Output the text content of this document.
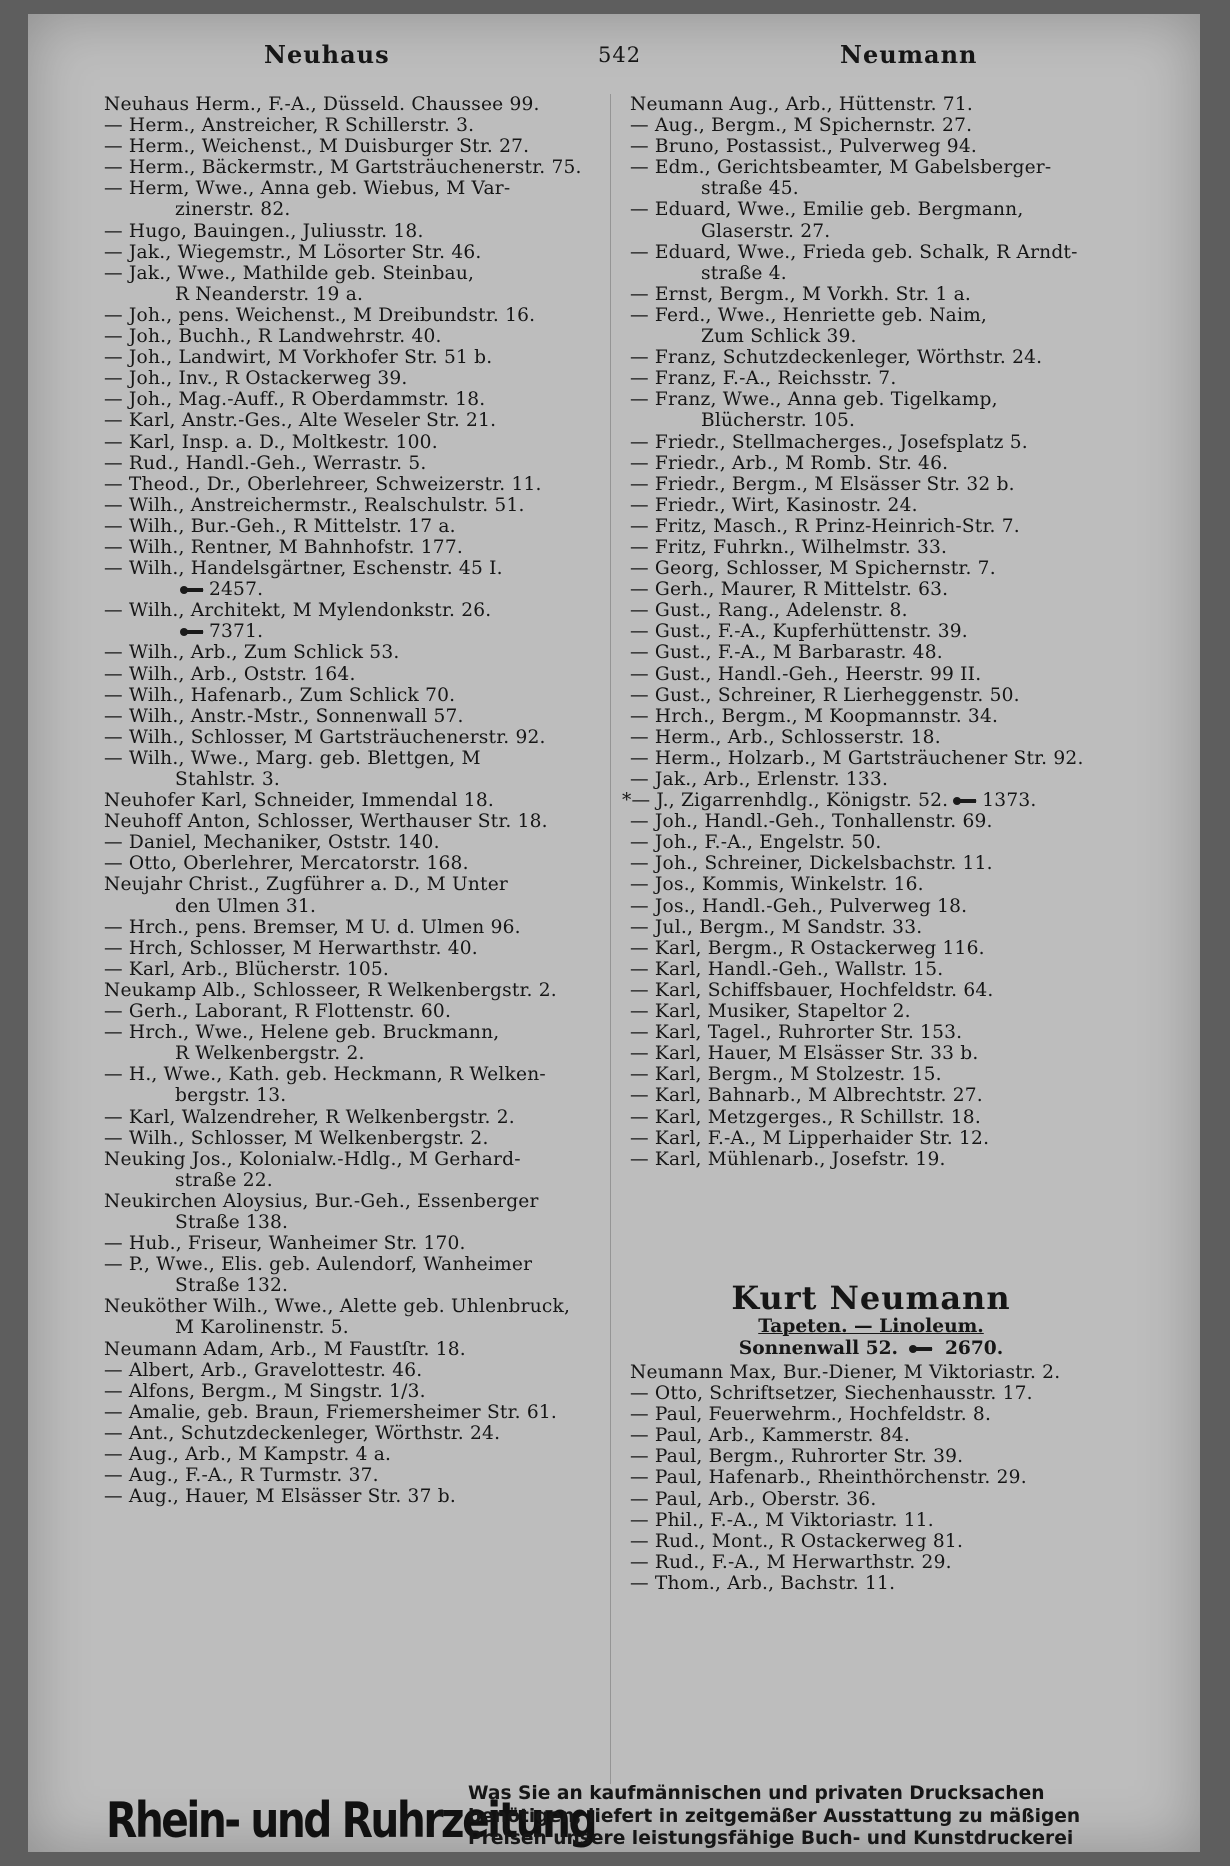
Neuhaus	542	Neumann
Neuhaus Herm., F.-A., Düsseld. Chaussee 99.
— Herm., Anstreicher, R Schillerstr. 3.
— Herm., Weichenst., M Duisburger Str. 27.
— Herm., Bäckermstr., M Gartsträuchenerstr. 75.
— Herm, Wwe., Anna geb. Wiebus, M Var-
zinerstr. 82.
— Hugo, Bauingen., Juliusstr. 18.
— Jak., Wiegemstr., M Lösorter Str. 46.
— Jak., Wwe., Mathilde geb. Steinbau,
R Neanderstr. 19 a.
— Joh., pens. Weichenst., M Dreibundstr. 16.
— Joh., Buchh., R Landwehrstr. 40.
— Joh., Landwirt, M Vorkhofer Str. 51 b.
— Joh., Inv., R Ostackerweg 39.
— Joh., Mag.-Auff., R Oberdammstr. 18.
— Karl, Anstr.-Ges., Alte Weseler Str. 21.
— Karl, Insp. a. D., Moltkestr. 100.
— Rud., Handl.-Geh., Werrastr. 5.
— Theod., Dr., Oberlehreer, Schweizerstr. 11.
— Wilh., Anstreichermstr., Realschulstr. 51.
— Wilh., Bur.-Geh., R Mittelstr. 17 a.
— Wilh., Rentner, M Bahnhofstr. 177.
— Wilh., Handelsgärtner, Eschenstr. 45 I.
2457.
— Wilh., Architekt, M Mylendonkstr. 26.
7371.
— Wilh., Arb., Zum Schlick 53.
— Wilh., Arb., Oststr. 164.
— Wilh., Hafenarb., Zum Schlick 70.
— Wilh., Anstr.-Mstr., Sonnenwall 57.
— Wilh., Schlosser, M Gartsträuchenerstr. 92.
— Wilh., Wwe., Marg. geb. Blettgen, M
Stahlstr. 3.
Neuhofer Karl, Schneider, Immendal 18.
Neuhoff Anton, Schlosser, Werthauser Str. 18.
— Daniel, Mechaniker, Oststr. 140.
— Otto, Oberlehrer, Mercatorstr. 168.
Neujahr Christ., Zugführer a. D., M Unter
den Ulmen 31.
— Hrch., pens. Bremser, M U. d. Ulmen 96.
— Hrch, Schlosser, M Herwarthstr. 40.
— Karl, Arb., Blücherstr. 105.
Neukamp Alb., Schlosseer, R Welkenbergstr. 2.
— Gerh., Laborant, R Flottenstr. 60.
— Hrch., Wwe., Helene geb. Bruckmann,
R Welkenbergstr. 2.
— H., Wwe., Kath. geb. Heckmann, R Welken-
bergstr. 13.
— Karl, Walzendreher, R Welkenbergstr. 2.
— Wilh., Schlosser, M Welkenbergstr. 2.
Neuking Jos., Kolonialw.-Hdlg., M Gerhard-
straße 22.
Neukirchen Aloysius, Bur.-Geh., Essenberger
Straße 138.
— Hub., Friseur, Wanheimer Str. 170.
— P., Wwe., Elis. geb. Aulendorf, Wanheimer
Straße 132.
Neuköther Wilh., Wwe., Alette geb. Uhlenbruck,
M Karolinenstr. 5.
Neumann Adam, Arb., M Faustſtr. 18.
— Albert, Arb., Gravelottestr. 46.
— Alfons, Bergm., M Singstr. 1/3.
— Amalie, geb. Braun, Friemersheimer Str. 61.
— Ant., Schutzdeckenleger, Wörthstr. 24.
— Aug., Arb., M Kampstr. 4 a.
— Aug., F.-A., R Turmstr. 37.
— Aug., Hauer, M Elsässer Str. 37 b.
Neumann Aug., Arb., Hüttenstr. 71.
— Aug., Bergm., M Spichernstr. 27.
— Bruno, Postassist., Pulverweg 94.
— Edm., Gerichtsbeamter, M Gabelsberger-
straße 45.
— Eduard, Wwe., Emilie geb. Bergmann,
Glaserstr. 27.
— Eduard, Wwe., Frieda geb. Schalk, R Arndt-
straße 4.
— Ernst, Bergm., M Vorkh. Str. 1 a.
— Ferd., Wwe., Henriette geb. Naim,
Zum Schlick 39.
— Franz, Schutzdeckenleger, Wörthstr. 24.
— Franz, F.-A., Reichsstr. 7.
— Franz, Wwe., Anna geb. Tigelkamp,
Blücherstr. 105.
— Friedr., Stellmacherges., Josefsplatz 5.
— Friedr., Arb., M Romb. Str. 46.
— Friedr., Bergm., M Elsässer Str. 32 b.
— Friedr., Wirt, Kasinostr. 24.
— Fritz, Masch., R Prinz-Heinrich-Str. 7.
— Fritz, Fuhrkn., Wilhelmstr. 33.
— Georg, Schlosser, M Spichernstr. 7.
— Gerh., Maurer, R Mittelstr. 63.
— Gust., Rang., Adelenstr. 8.
— Gust., F.-A., Kupferhüttenstr. 39.
— Gust., F.-A., M Barbarastr. 48.
— Gust., Handl.-Geh., Heerstr. 99 II.
— Gust., Schreiner, R Lierheggenstr. 50.
— Hrch., Bergm., M Koopmannstr. 34.
— Herm., Arb., Schlosserstr. 18.
— Herm., Holzarb., M Gartsträuchener Str. 92.
— Jak., Arb., Erlenstr. 133.
*— J., Zigarrenhdlg., Königstr. 52. 1373.
— Joh., Handl.-Geh., Tonhallenstr. 69.
— Joh., F.-A., Engelstr. 50.
— Joh., Schreiner, Dickelsbachstr. 11.
— Jos., Kommis, Winkelstr. 16.
— Jos., Handl.-Geh., Pulverweg 18.
— Jul., Bergm., M Sandstr. 33.
— Karl, Bergm., R Ostackerweg 116.
— Karl, Handl.-Geh., Wallstr. 15.
— Karl, Schiffsbauer, Hochfeldstr. 64.
— Karl, Musiker, Stapeltor 2.
— Karl, Tagel., Ruhrorter Str. 153.
— Karl, Hauer, M Elsässer Str. 33 b.
— Karl, Bergm., M Stolzestr. 15.
— Karl, Bahnarb., M Albrechtstr. 27.
— Karl, Metzgerges., R Schillstr. 18.
— Karl, F.-A., M Lipperhaider Str. 12.
— Karl, Mühlenarb., Josefstr. 19.
Kurt Neumann
Tapeten. — Linoleum.
Sonnenwall 52.	2670.
Neumann Max, Bur.-Diener, M Viktoriastr. 2.
— Otto, Schriftsetzer, Siechenhausstr. 17.
— Paul, Feuerwehrm., Hochfeldstr. 8.
— Paul, Arb., Kammerstr. 84.
— Paul, Bergm., Ruhrorter Str. 39.
— Paul, Hafenarb., Rheinthörchenstr. 29.
— Paul, Arb., Oberstr. 36.
— Phil., F.-A., M Viktoriastr. 11.
— Rud., Mont., R Ostackerweg 81.
— Rud., F.-A., M Herwarthstr. 29.
— Thom., Arb., Bachstr. 11.
Rhein- und Ruhrzeitung
Was Sie an kaufmännischen und privaten Drucksachen
benötigen, liefert in zeitgemäßer Ausstattung zu mäßigen
Preisen unsere leistungsfähige Buch- und Kunstdruckerei
